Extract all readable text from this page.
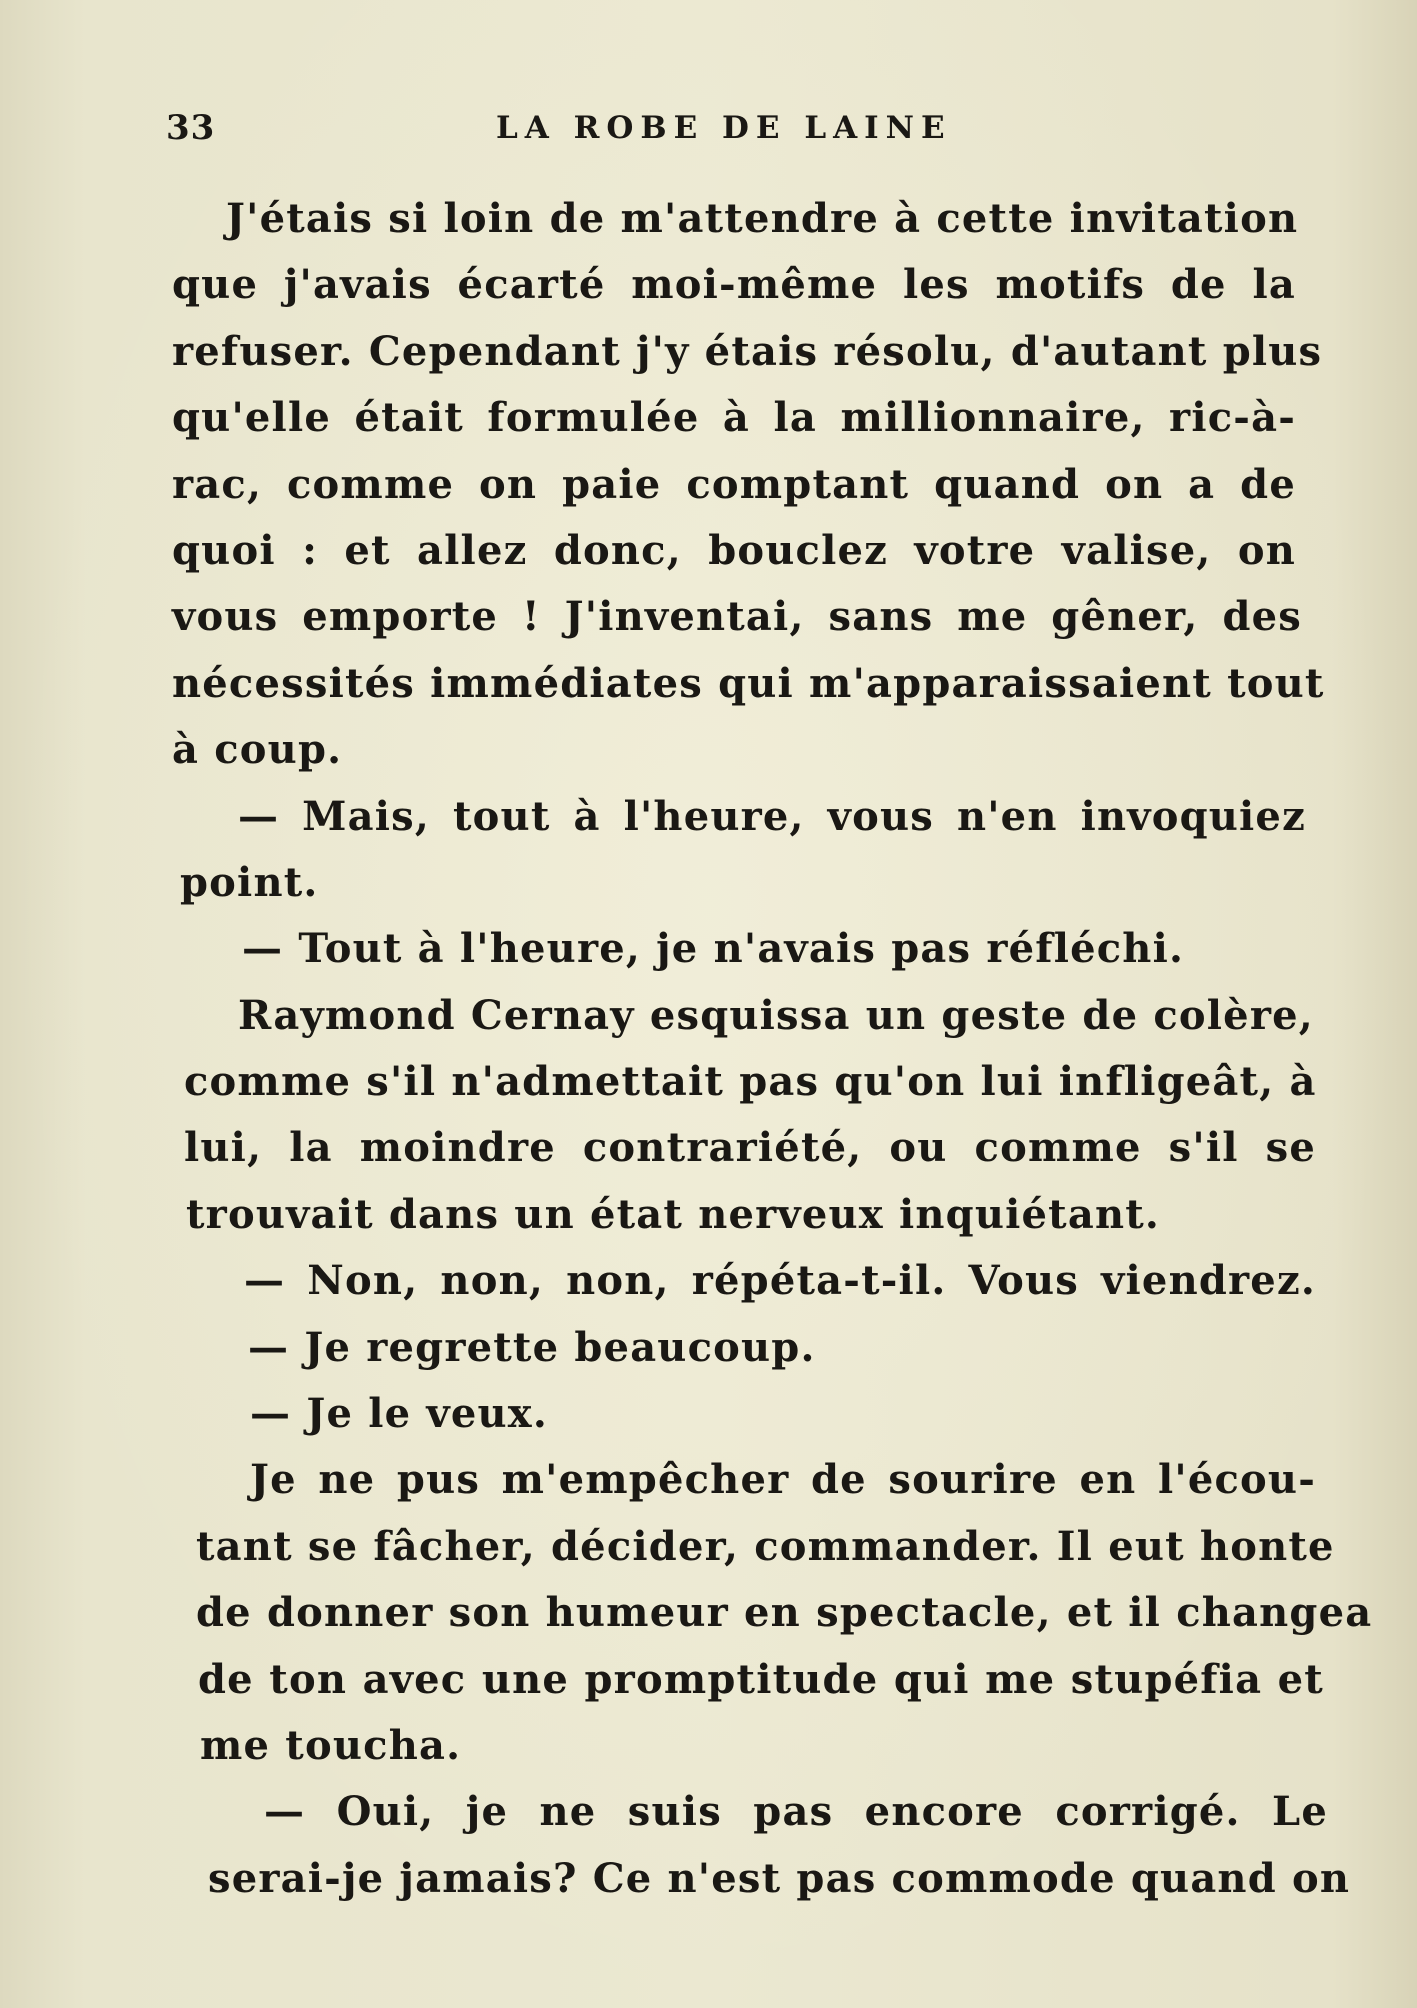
33	LA ROBE DE LAINE
J'étais si loin de m'attendre à cette invitation
que j'avais écarté moi-même les motifs de la
refuser. Cependant j'y étais résolu, d'autant plus
qu'elle était formulée à la millionnaire, ric-à-
rac, comme on paie comptant quand on a de
quoi : et allez donc, bouclez votre valise, on
vous emporte ! J'inventai, sans me gêner, des
nécessités immédiates qui m'apparaissaient tout
à coup.
— Mais, tout à l'heure, vous n'en invoquiez
point.
— Tout à l'heure, je n'avais pas réfléchi.
Raymond Cernay esquissa un geste de colère,
comme s'il n'admettait pas qu'on lui infligeât, à
lui, la moindre contrariété, ou comme s'il se
trouvait dans un état nerveux inquiétant.
— Non, non, non, répéta-t-il. Vous viendrez.
— Je regrette beaucoup.
— Je le veux.
Je ne pus m'empêcher de sourire en l'écou-
tant se fâcher, décider, commander. Il eut honte
de donner son humeur en spectacle, et il changea
de ton avec une promptitude qui me stupéfia et
me toucha.
— Oui, je ne suis pas encore corrigé. Le
serai-je jamais? Ce n'est pas commode quand on
